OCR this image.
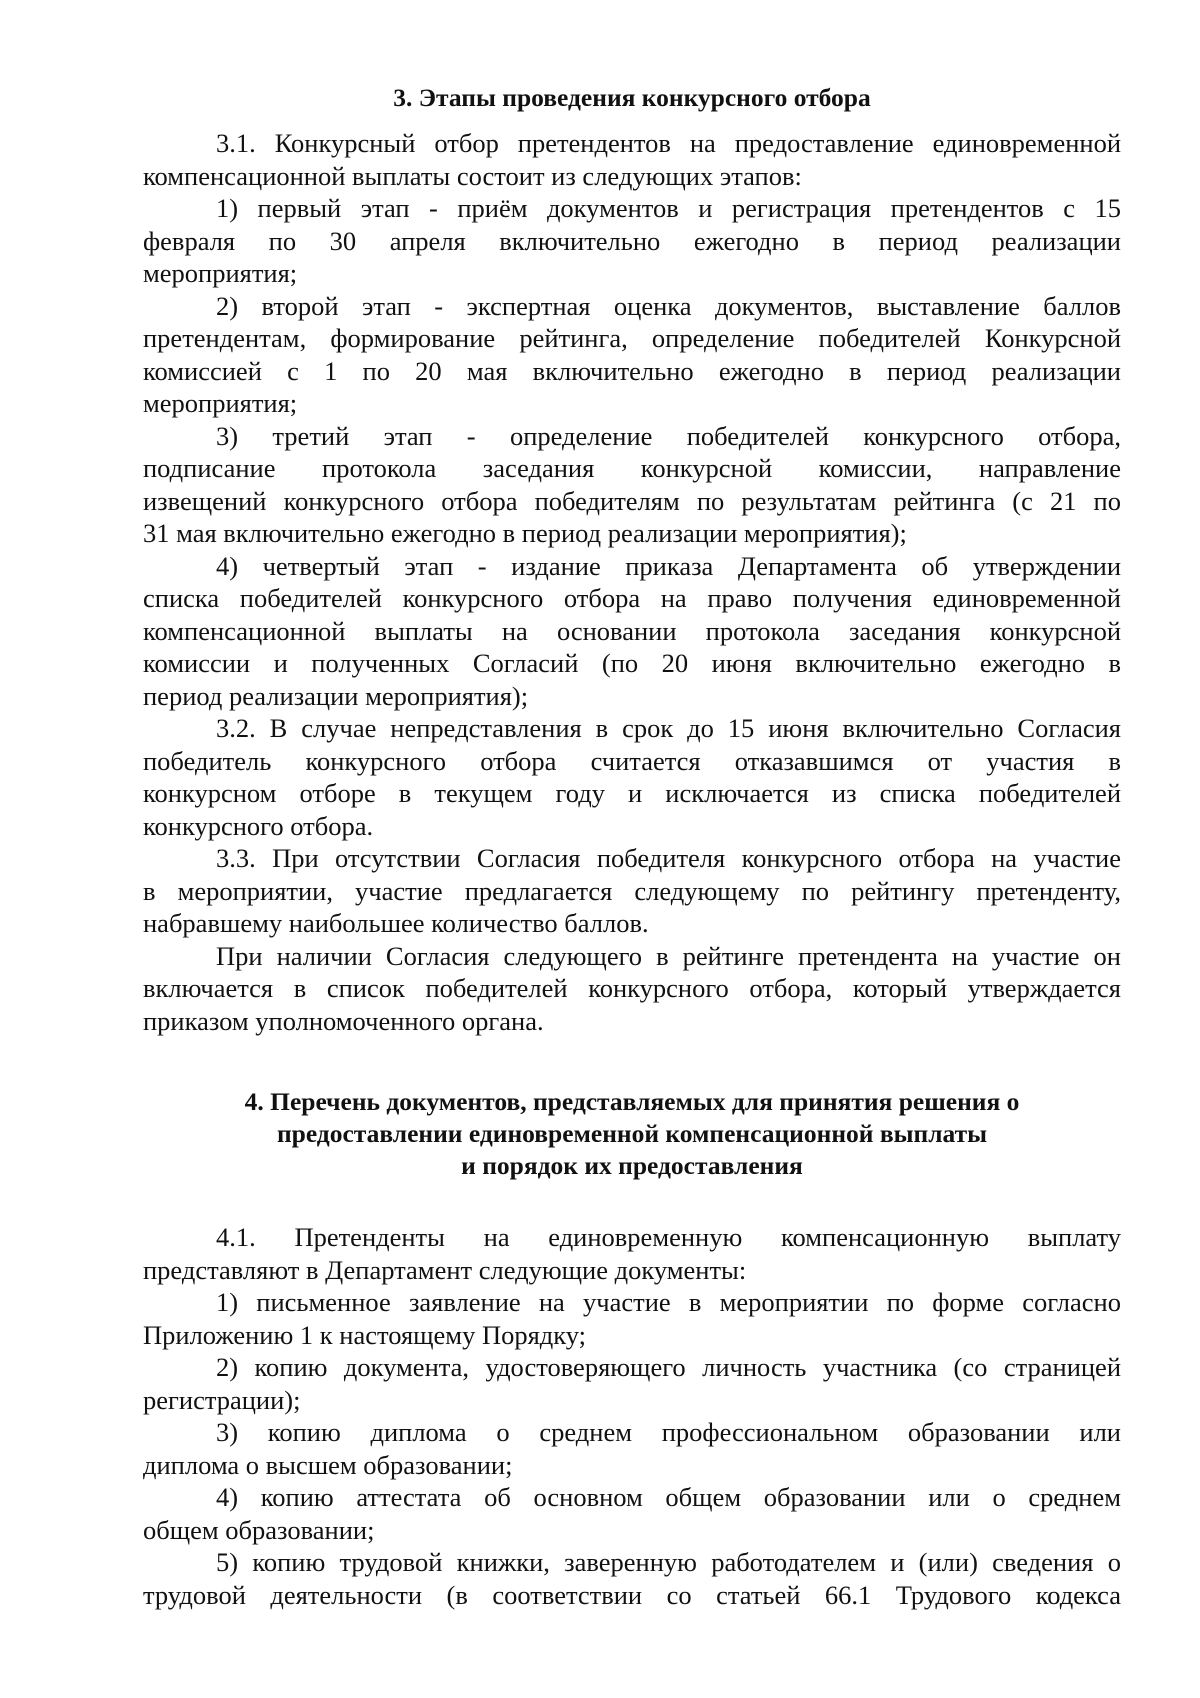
3. Этапы проведения конкурсного отбора

3.1. Конкурсный отбор претендентов на предоставление единовременной
компенсационной выплаты состоит из следующих этапов:

1) первый этап - приём документов и регистрация претендентов с 15
февраля по 30 апреля включительно ежегодно в период реализации
мероприятия;

2) второй этап - экспертная оценка документов, выставление баллов
претендентам, формирование рейтинга, определение победителей Конкурсной
комиссией с 1 по 20 мая включительно ежегодно в период реализации
мероприятия;

3) третий этап - определение победителей конкурсного отбора,
подписание протокола заседания конкурсной комиссии, направление
извещений конкурсного отбора победителям по результатам рейтинга (с 21 по
31 мая включительно ежегодно в период реализации мероприятия);

4) четвертый этап - издание приказа Департамента об утверждении
списка победителей конкурсного отбора на право получения единовременной
компенсационной выплаты на основании протокола заседания конкурсной
комиссии и полученных Согласий (по 20 июня включительно ежегодно в
период реализации мероприятия);

3.2. В случае непредставления в срок до 15 июня включительно Согласия
победитель конкурсного отбора считается отказавшимся от участия в
конкурсном отборе в текущем году и исключается из списка победителей
конкурсного отбора.

3.3. При отсутствии Согласия победителя конкурсного отбора на участие
в мероприятии, участие предлагается следующему по рейтингу претенденту,
набравшему наибольшее количество баллов.

При наличии Согласия следующего в рейтинге претендента на участие он
включается в список победителей конкурсного отбора, который утверждается
приказом уполномоченного органа.

4. Перечень документов, представляемых для принятия решения о
предоставлении единовременной компенсационной выплаты
и порядок их предоставления

4.1. Претенденты на единовременную компенсационную выплату
представляют в Департамент следующие документы:

1) письменное заявление на участие в мероприятии по форме согласно
Приложению 1 к настоящему Порядку;

2) копию документа, удостоверяющего личность участника (со страницей
регистрации);

3) копию диплома о среднем профессиональном образовании или
диплома о высшем образовании;

4) копию аттестата об основном общем образовании или о среднем
общем образовании;

5) копию трудовой книжки, заверенную работодателем и (или) сведения о
трудовой деятельности (в соответствии со статьей 66.1 Трудового кодекса
